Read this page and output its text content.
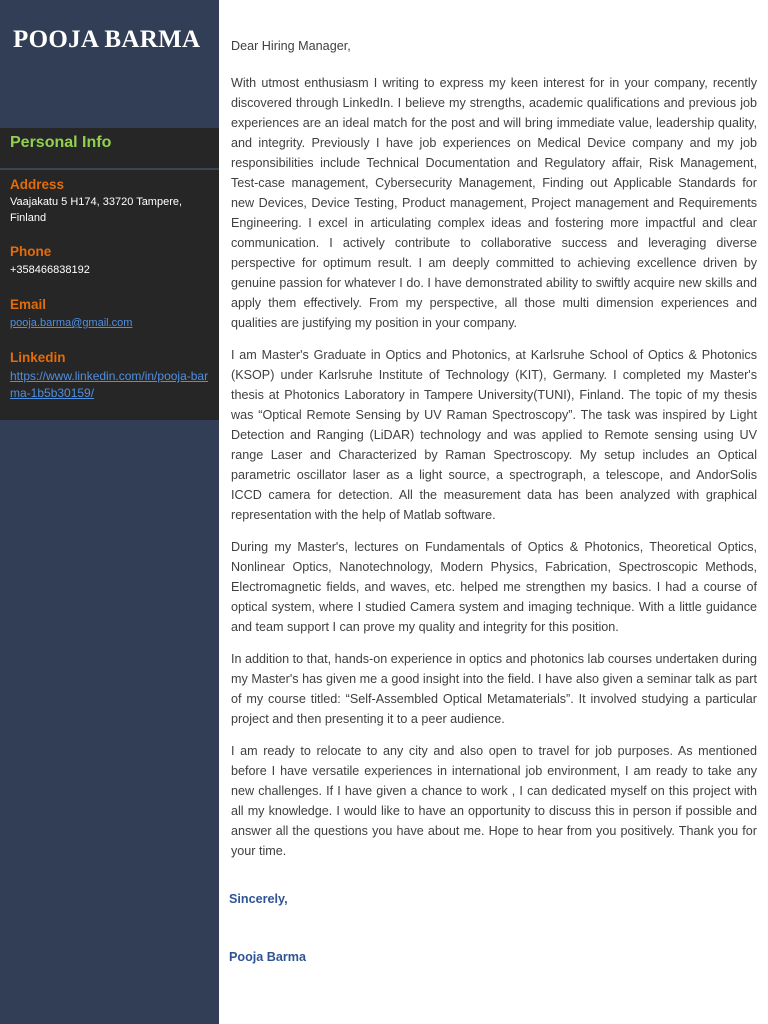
POOJA BARMA
Personal Info
Address
Vaajakatu 5 H174, 33720 Tampere, Finland
Phone
+358466838192
Email
pooja.barma@gmail.com
Linkedin
https://www.linkedin.com/in/pooja-barma-1b5b30159/

Dear Hiring Manager,

With utmost enthusiasm I writing to express my keen interest for in your company, recently discovered through LinkedIn. I believe my strengths, academic qualifications and previous job experiences are an ideal match for the post and will bring immediate value, leadership quality, and integrity. Previously I have job experiences on Medical Device company and my job responsibilities include Technical Documentation and Regulatory affair, Risk Management, Test-case management, Cybersecurity Management, Finding out Applicable Standards for new Devices, Device Testing, Product management, Project management and Requirements Engineering. I excel in articulating complex ideas and fostering more impactful and clear communication. I actively contribute to collaborative success and leveraging diverse perspective for optimum result. I am deeply committed to achieving excellence driven by genuine passion for whatever I do. I have demonstrated ability to swiftly acquire new skills and apply them effectively. From my perspective, all those multi dimension experiences and qualities are justifying my position in your company.

I am Master's Graduate in Optics and Photonics, at Karlsruhe School of Optics & Photonics (KSOP) under Karlsruhe Institute of Technology (KIT), Germany. I completed my Master's thesis at Photonics Laboratory in Tampere University(TUNI), Finland. The topic of my thesis was “Optical Remote Sensing by UV Raman Spectroscopy”. The task was inspired by Light Detection and Ranging (LiDAR) technology and was applied to Remote sensing using UV range Laser and Characterized by Raman Spectroscopy. My setup includes an Optical parametric oscillator laser as a light source, a spectrograph, a telescope, and AndorSolis ICCD camera for detection. All the measurement data has been analyzed with graphical representation with the help of Matlab software.

During my Master's, lectures on Fundamentals of Optics & Photonics, Theoretical Optics, Nonlinear Optics, Nanotechnology, Modern Physics, Fabrication, Spectroscopic Methods, Electromagnetic fields, and waves, etc. helped me strengthen my basics. I had a course of optical system, where I studied Camera system and imaging technique. With a little guidance and team support I can prove my quality and integrity for this position.

In addition to that, hands-on experience in optics and photonics lab courses undertaken during my Master's has given me a good insight into the field. I have also given a seminar talk as part of my course titled: “Self-Assembled Optical Metamaterials”. It involved studying a particular project and then presenting it to a peer audience.

I am ready to relocate to any city and also open to travel for job purposes. As mentioned before I have versatile experiences in international job environment, I am ready to take any new challenges. If I have given a chance to work , I can dedicated myself on this project with all my knowledge. I would like to have an opportunity to discuss this in person if possible and answer all the questions you have about me. Hope to hear from you positively. Thank you for your time.

Sincerely,
Pooja Barma
